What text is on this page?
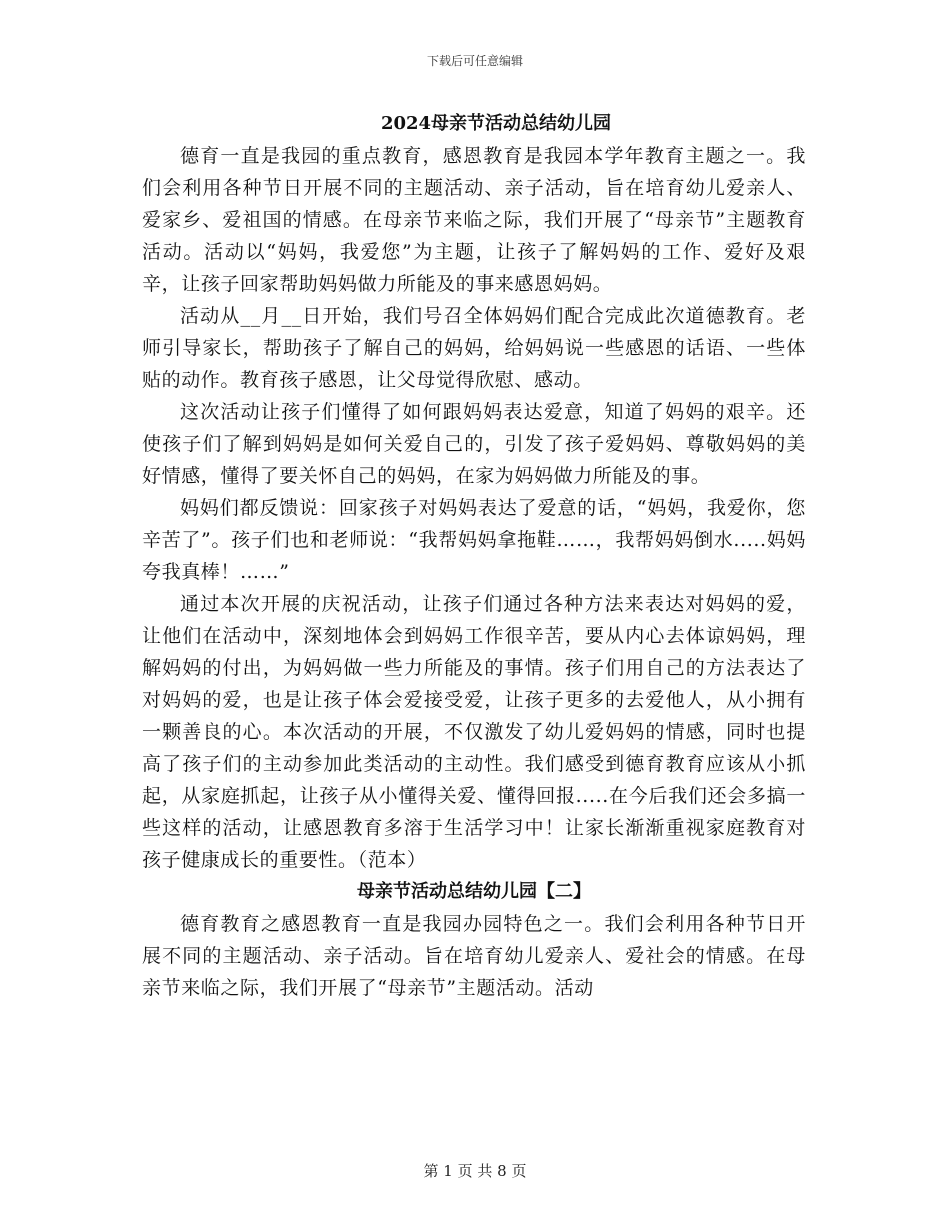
下载后可任意编辑
2024母亲节活动总结幼儿园

德育一直是我园的重点教育，感恩教育是我园本学年教育主题之一。我们会利用各种节日开展不同的主题活动、亲子活动，旨在培育幼儿爱亲人、爱家乡、爱祖国的情感。在母亲节来临之际，我们开展了“母亲节”主题教育活动。活动以“妈妈，我爱您”为主题，让孩子了解妈妈的工作、爱好及艰辛，让孩子回家帮助妈妈做力所能及的事来感恩妈妈。

活动从__月__日开始，我们号召全体妈妈们配合完成此次道德教育。老师引导家长，帮助孩子了解自己的妈妈，给妈妈说一些感恩的话语、一些体贴的动作。教育孩子感恩，让父母觉得欣慰、感动。

这次活动让孩子们懂得了如何跟妈妈表达爱意，知道了妈妈的艰辛。还使孩子们了解到妈妈是如何关爱自己的，引发了孩子爱妈妈、尊敬妈妈的美好情感，懂得了要关怀自己的妈妈，在家为妈妈做力所能及的事。

妈妈们都反馈说：回家孩子对妈妈表达了爱意的话，“妈妈，我爱你，您辛苦了”。孩子们也和老师说：“我帮妈妈拿拖鞋……，我帮妈妈倒水.....妈妈夸我真棒！……”

通过本次开展的庆祝活动，让孩子们通过各种方法来表达对妈妈的爱，让他们在活动中，深刻地体会到妈妈工作很辛苦，要从内心去体谅妈妈，理解妈妈的付出，为妈妈做一些力所能及的事情。孩子们用自己的方法表达了对妈妈的爱，也是让孩子体会爱接受爱，让孩子更多的去爱他人，从小拥有一颗善良的心。本次活动的开展，不仅激发了幼儿爱妈妈的情感，同时也提高了孩子们的主动参加此类活动的主动性。我们感受到德育教育应该从小抓起，从家庭抓起，让孩子从小懂得关爱、懂得回报.....在今后我们还会多搞一些这样的活动，让感恩教育多溶于生活学习中！让家长渐渐重视家庭教育对孩子健康成长的重要性。（范本）

母亲节活动总结幼儿园【二】

德育教育之感恩教育一直是我园办园特色之一。我们会利用各种节日开展不同的主题活动、亲子活动。旨在培育幼儿爱亲人、爱社会的情感。在母亲节来临之际，我们开展了“母亲节”主题活动。活动

第 1 页 共 8 页
